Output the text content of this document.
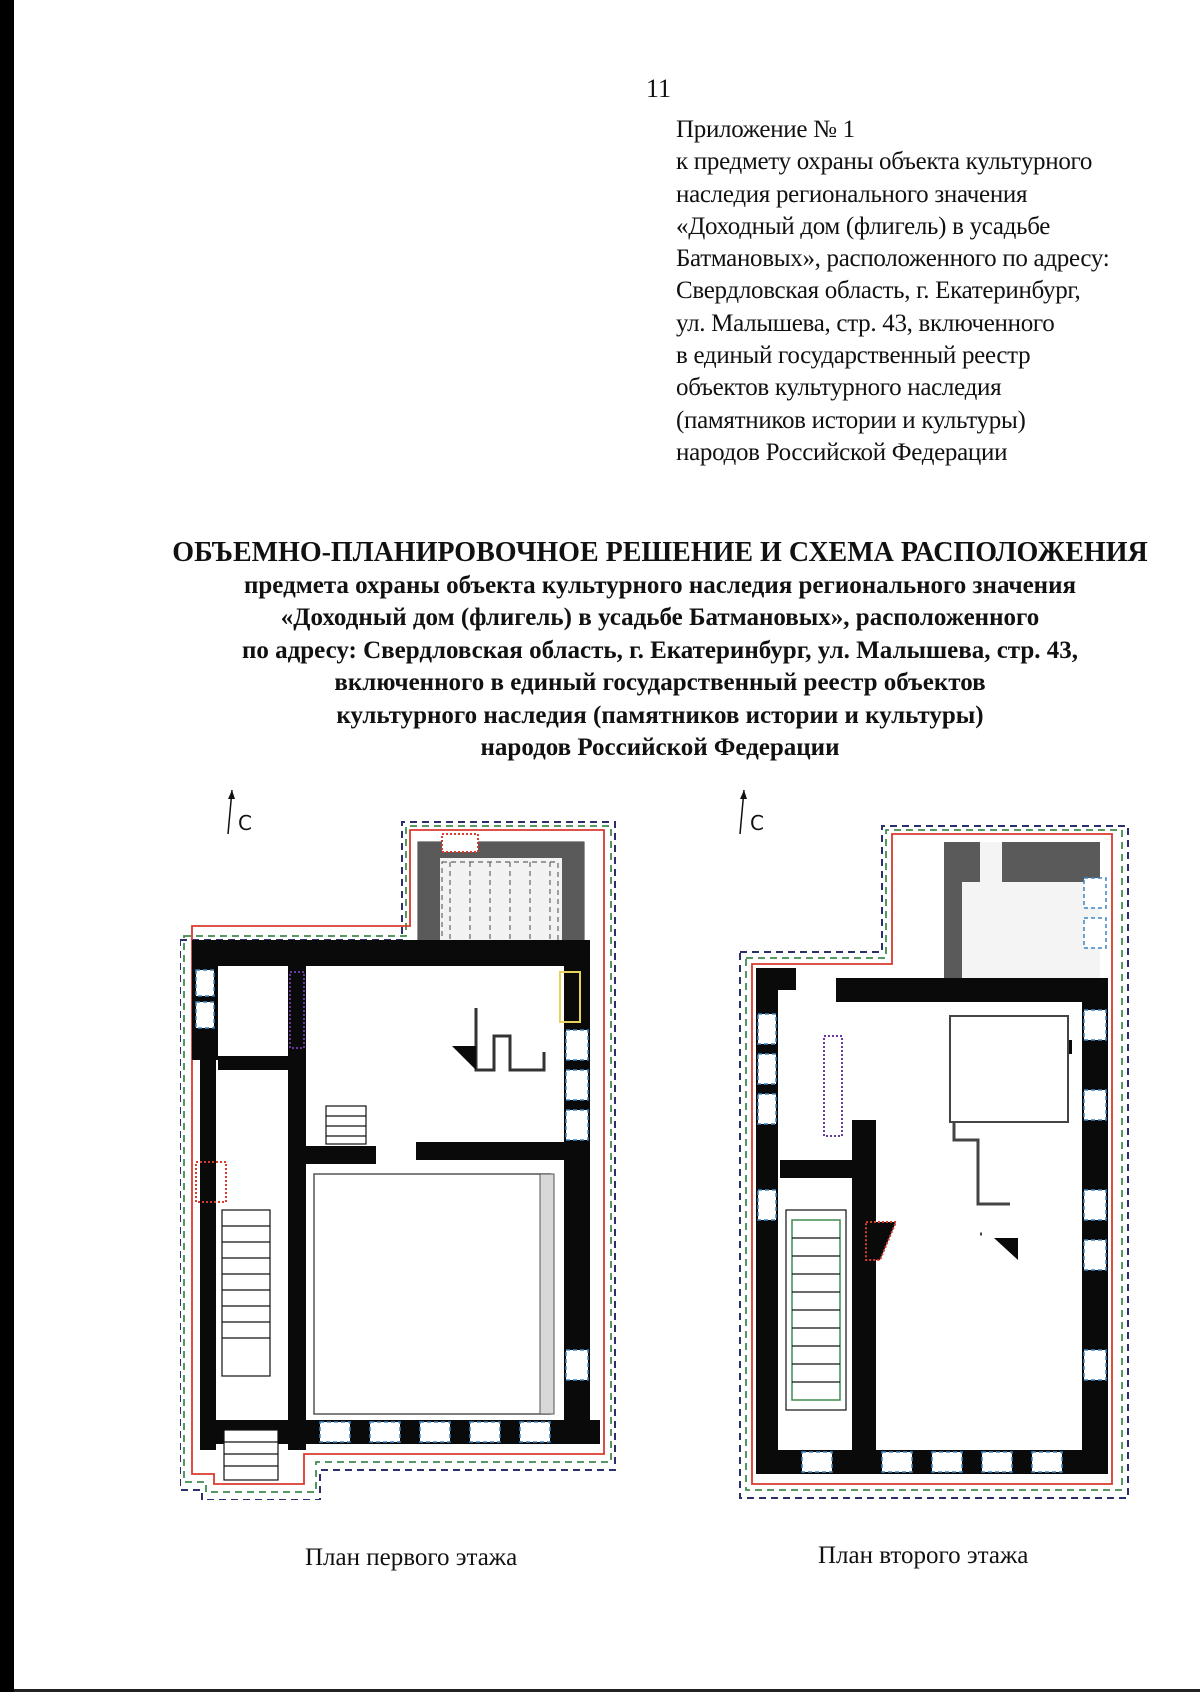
11
Приложение № 1
к предмету охраны объекта культурного
наследия регионального значения
«Доходный дом (флигель) в усадьбе
Батмановых», расположенного по адресу:
Свердловская область, г. Екатеринбург,
ул. Малышева, стр. 43, включенного
в единый государственный реестр
объектов культурного наследия
(памятников истории и культуры)
народов Российской Федерации
ОБЪЕМНО-ПЛАНИРОВОЧНОЕ РЕШЕНИЕ И СХЕМА РАСПОЛОЖЕНИЯ
предмета охраны объекта культурного наследия регионального значения
«Доходный дом (флигель) в усадьбе Батмановых», расположенного
по адресу: Свердловская область, г. Екатеринбург, ул. Малышева, стр. 43,
включенного в единый государственный реестр объектов
культурного наследия (памятников истории и культуры)
народов Российской Федерации
С
План первого этажа
С
План второго этажа
